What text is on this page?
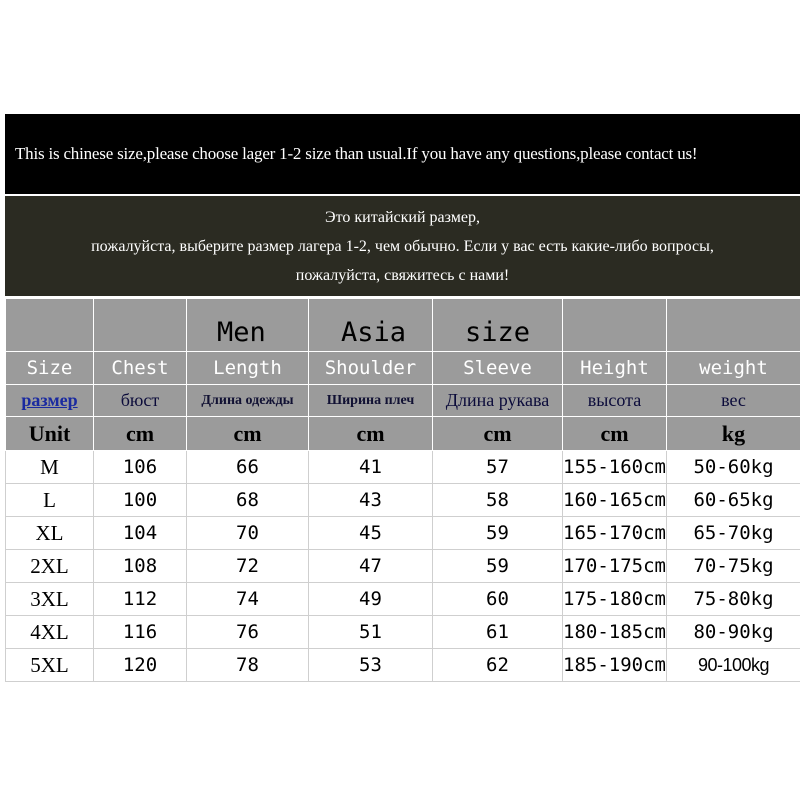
This is chinese size,please choose lager 1-2 size than usual.If you have any questions,please contact us!
Это китайский размер,
пожалуйста, выберите размер лагера 1-2, чем обычно. Если у вас есть какие-либо вопросы,
пожалуйста, свяжитесь с нами!
		Men	Asia	size		
Size	Chest	Length	Shoulder	Sleeve	Height	weight
размер	бюст	Длина одежды	Ширина плеч	Длина рукава	высота	вес
Unit	cm	cm	cm	cm	cm	kg
M	106	66	41	57	155-160cm	50-60kg
L	100	68	43	58	160-165cm	60-65kg
XL	104	70	45	59	165-170cm	65-70kg
2XL	108	72	47	59	170-175cm	70-75kg
3XL	112	74	49	60	175-180cm	75-80kg
4XL	116	76	51	61	180-185cm	80-90kg
5XL	120	78	53	62	185-190cm	90-100kg
